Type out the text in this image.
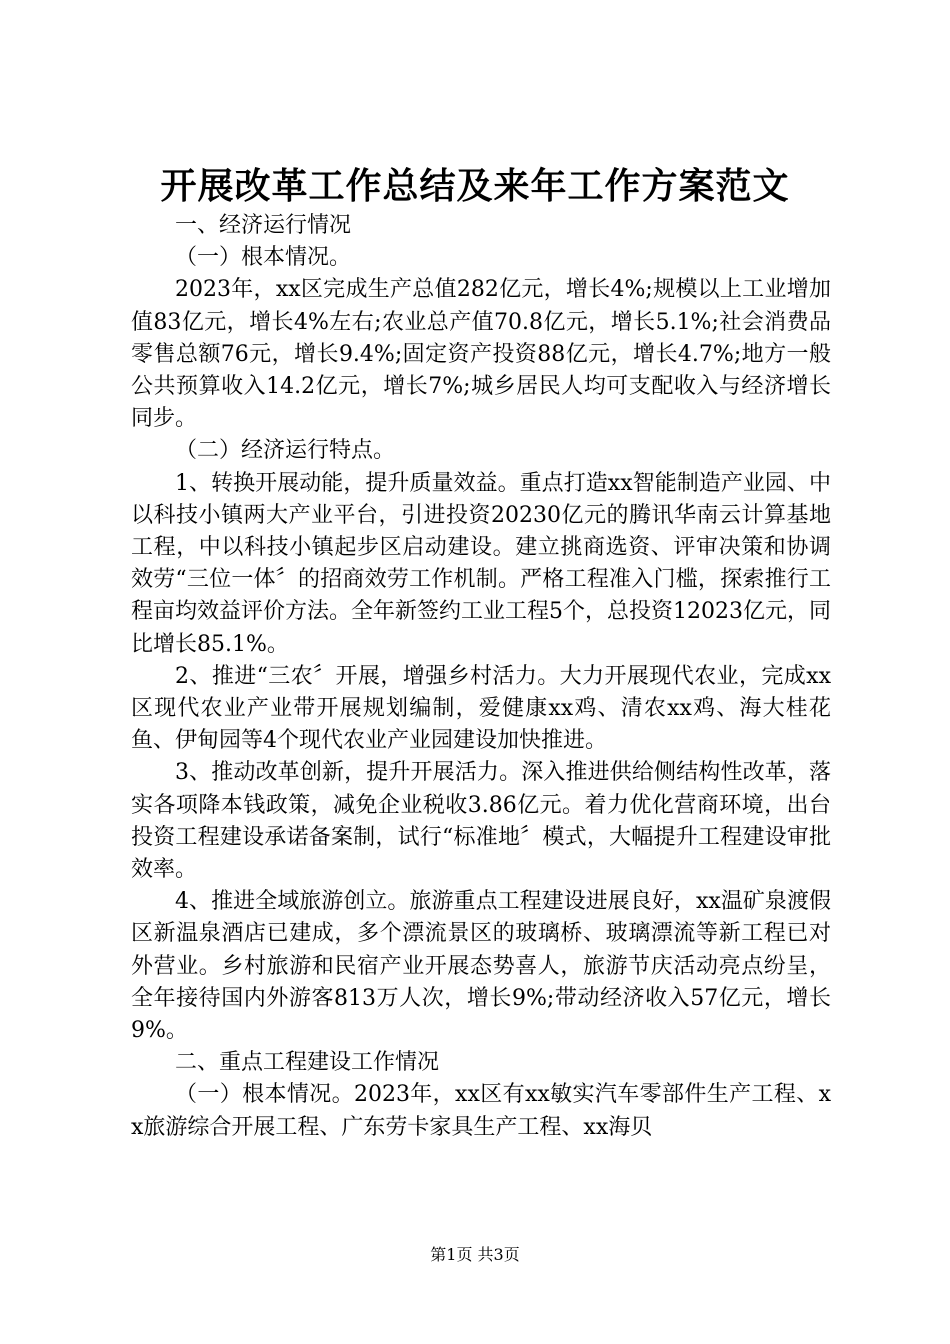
开展改革工作总结及来年工作方案范文

一、经济运行情况

（一）根本情况。

2023年，xx区完成生产总值282亿元，增长4%;规模以上工业增加值83亿元，增长4%左右;农业总产值70.8亿元，增长5.1%;社会消费品零售总额76元，增长9.4%;固定资产投资88亿元，增长4.7%;地方一般公共预算收入14.2亿元，增长7%;城乡居民人均可支配收入与经济增长同步。

（二）经济运行特点。

1、转换开展动能，提升质量效益。重点打造xx智能制造产业园、中以科技小镇两大产业平台，引进投资20230亿元的腾讯华南云计算基地工程，中以科技小镇起步区启动建设。建立挑商选资、评审决策和协调效劳“三位一体〞的招商效劳工作机制。严格工程准入门槛，探索推行工程亩均效益评价方法。全年新签约工业工程5个，总投资12023亿元，同比增长85.1%。

2、推进“三农〞开展，增强乡村活力。大力开展现代农业，完成xx区现代农业产业带开展规划编制，爱健康xx鸡、清农xx鸡、海大桂花鱼、伊甸园等4个现代农业产业园建设加快推进。

3、推动改革创新，提升开展活力。深入推进供给侧结构性改革，落实各项降本钱政策，减免企业税收3.86亿元。着力优化营商环境，出台投资工程建设承诺备案制，试行“标准地〞模式，大幅提升工程建设审批效率。

4、推进全域旅游创立。旅游重点工程建设进展良好，xx温矿泉渡假区新温泉酒店已建成，多个漂流景区的玻璃桥、玻璃漂流等新工程已对外营业。乡村旅游和民宿产业开展态势喜人，旅游节庆活动亮点纷呈，全年接待国内外游客813万人次，增长9%;带动经济收入57亿元，增长9%。

二、重点工程建设工作情况

（一）根本情况。2023年，xx区有xx敏实汽车零部件生产工程、xx旅游综合开展工程、广东劳卡家具生产工程、xx海贝

第1页 共3页
